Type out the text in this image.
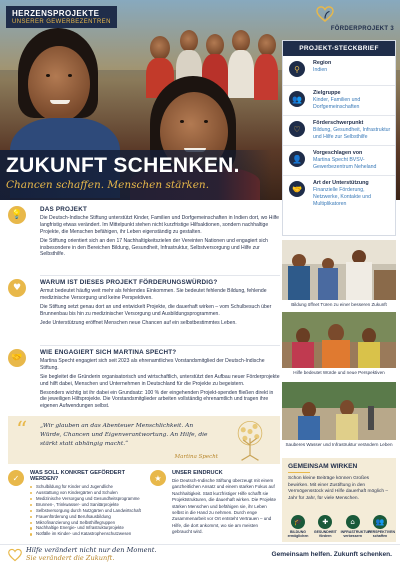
HERZENSPROJEKTE
UNSERER GEWERBEZENTREN
ZUKUNFT SCHENKEN.
Chancen schaffen. Menschen stärken.
FÖRDERPROJEKT 3
PROJEKT-STECKBRIEF
⚲
Region
Indien
👥
Zielgruppe
Kinder, Familien und Dorfgemeinschaften
♡
Förderschwerpunkt
Bildung, Gesundheit, Infrastruktur und Hilfe zur Selbsthilfe
👤
Vorgeschlagen von
Martina Specht BVSV-Gewerbezentrum Neheland
🤝
Art der Unterstützung
Finanzielle Förderung, Netzwerke, Kontakte und Multiplikatoren
💡
DAS PROJEKT
Die Deutsch-Indische Stiftung unterstützt Kinder, Familien und Dorfgemeinschaften in Indien dort, wo Hilfe langfristig etwas verändert. Im Mittelpunkt stehen nicht kurzfristige Hilfsaktionen, sondern nachhaltige Projekte, die Menschen befähigen, ihr Leben eigenständig zu gestalten.
Die Stiftung orientiert sich an den 17 Nachhaltigkeitszielen der Vereinten Nationen und engagiert sich insbesondere in den Bereichen Bildung, Gesundheit, Infrastruktur, Selbstversorgung und Hilfe zur Selbsthilfe.
♥
WARUM IST DIESES PROJEKT FÖRDERUNGSWÜRDIG?
Armut bedeutet häufig weit mehr als fehlendes Einkommen. Sie bedeutet fehlende Bildung, fehlende medizinische Versorgung und keine Perspektiven.
Die Stiftung setzt genau dort an und entwickelt Projekte, die dauerhaft wirken – vom Schulbesuch über Brunnenbau bis hin zu medizinischer Versorgung und Ausbildungsprogrammen.
Jede Unterstützung eröffnet Menschen neue Chancen auf ein selbstbestimmtes Leben.
🤝
WIE ENGAGIERT SICH MARTINA SPECHT?
Martina Specht engagiert sich seit 2023 als ehrenamtliches Vorstandsmitglied der Deutsch-Indische Stiftung.
Sie begleitet die Gründerin organisatorisch und wirtschaftlich, unterstützt den Aufbau neuer Förderprojekte und hilft dabei, Menschen und Unternehmen in Deutschland für die Projekte zu begeistern.
Besonders wichtig ist ihr dabei ein Grundsatz: 100 % der eingehenden Projekt-spenden fließen direkt in die jeweiligen Hilfsprojekte. Die Vorstandsmitglieder arbeiten vollständig ehrenamtlich und tragen ihre eigenen Aufwendungen selbst.
“ „Wir glauben an das Abenteuer Menschlichkeit. An Würde, Chancen und Eigenverantwortung. An Hilfe, die stärkt statt abhängig macht.“
Martina Specht
Bildung öffnet Türen zu einer besseren Zukunft
Hilfe bedeutet Würde und neue Perspektiven
Sauberes Wasser und Infrastruktur verändern Leben
✓
WAS SOLL KONKRET GEFÖRDERT WERDEN?
Schulbildung für Kinder und Jugendliche
Ausstattung von Kindergärten und Schulen
Medizinische Versorgung und Gesundheitsprogramme
Brunnen-, Trinkwasser- und Sanitärprojekte
Selbstversorgung durch Nutzgärten und Landwirtschaft
Frauenförderung und Berufsausbildung
Mikrofinanzierung und Selbsthilfegruppen
Nachhaltige Energie- und Infrastrukturprojekte
Notfälle im Kinder- und Katastrophenschutzwesen
★
UNSER EINDRUCK
Die Deutsch-Indische Stiftung überzeugt mit einem ganzheitlichen Ansatz und einem starken Fokus auf Nachhaltigkeit. Statt kurzfristiger Hilfe schafft sie Projektstrukturen, die dauerhaft wirken. Die Projekte stärken Menschen und befähigen sie, ihr Leben selbst in die Hand zu nehmen. Durch enge Zusammenarbeit vor Ort entsteht Vertrauen – und Hilfe, die dort ankommt, wo sie am meisten gebraucht wird.
GEMEINSAM WIRKEN
Schon kleine Beiträge können Großes bewirken. Mit einer Zustiftung in den Vermögensstock wird Hilfe dauerhaft möglich – Jahr für Jahr, für viele Menschen.
🎓
BILDUNG ermöglichen
✚
GESUNDHEIT fördern
⌂
INFRASTRUKTUR verbessern
👥
PERSPEKTIVEN schaffen
Hilfe verändert nicht nur den Moment.
Sie verändert die Zukunft.	Gemeinsam helfen. Zukunft schenken.
